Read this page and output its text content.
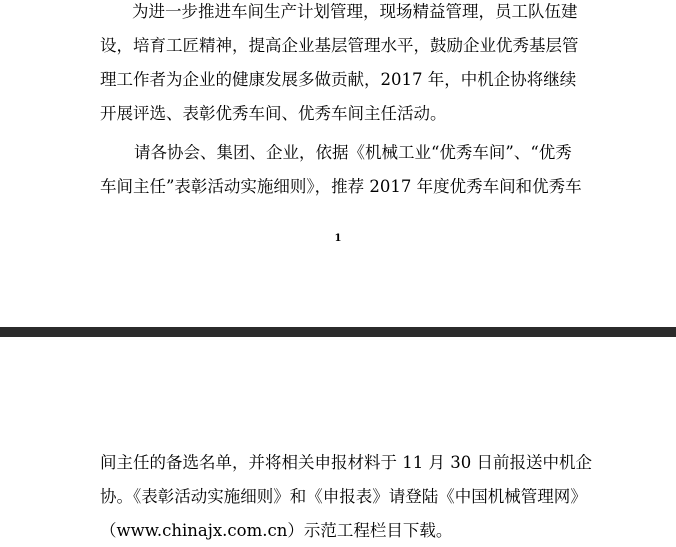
为进一步推进车间生产计划管理，现场精益管理，员工队伍建
设，培育工匠精神，提高企业基层管理水平，鼓励企业优秀基层管
理工作者为企业的健康发展多做贡献，2017 年，中机企协将继续
开展评选、表彰优秀车间、优秀车间主任活动。
请各协会、集团、企业，依据《机械工业“优秀车间”、“优秀
车间主任”表彰活动实施细则》，推荐 2017 年度优秀车间和优秀车
1
间主任的备选名单，并将相关申报材料于 11 月 30 日前报送中机企
协。《表彰活动实施细则》和《申报表》请登陆《中国机械管理网》
（www.chinajx.com.cn）示范工程栏目下载。
